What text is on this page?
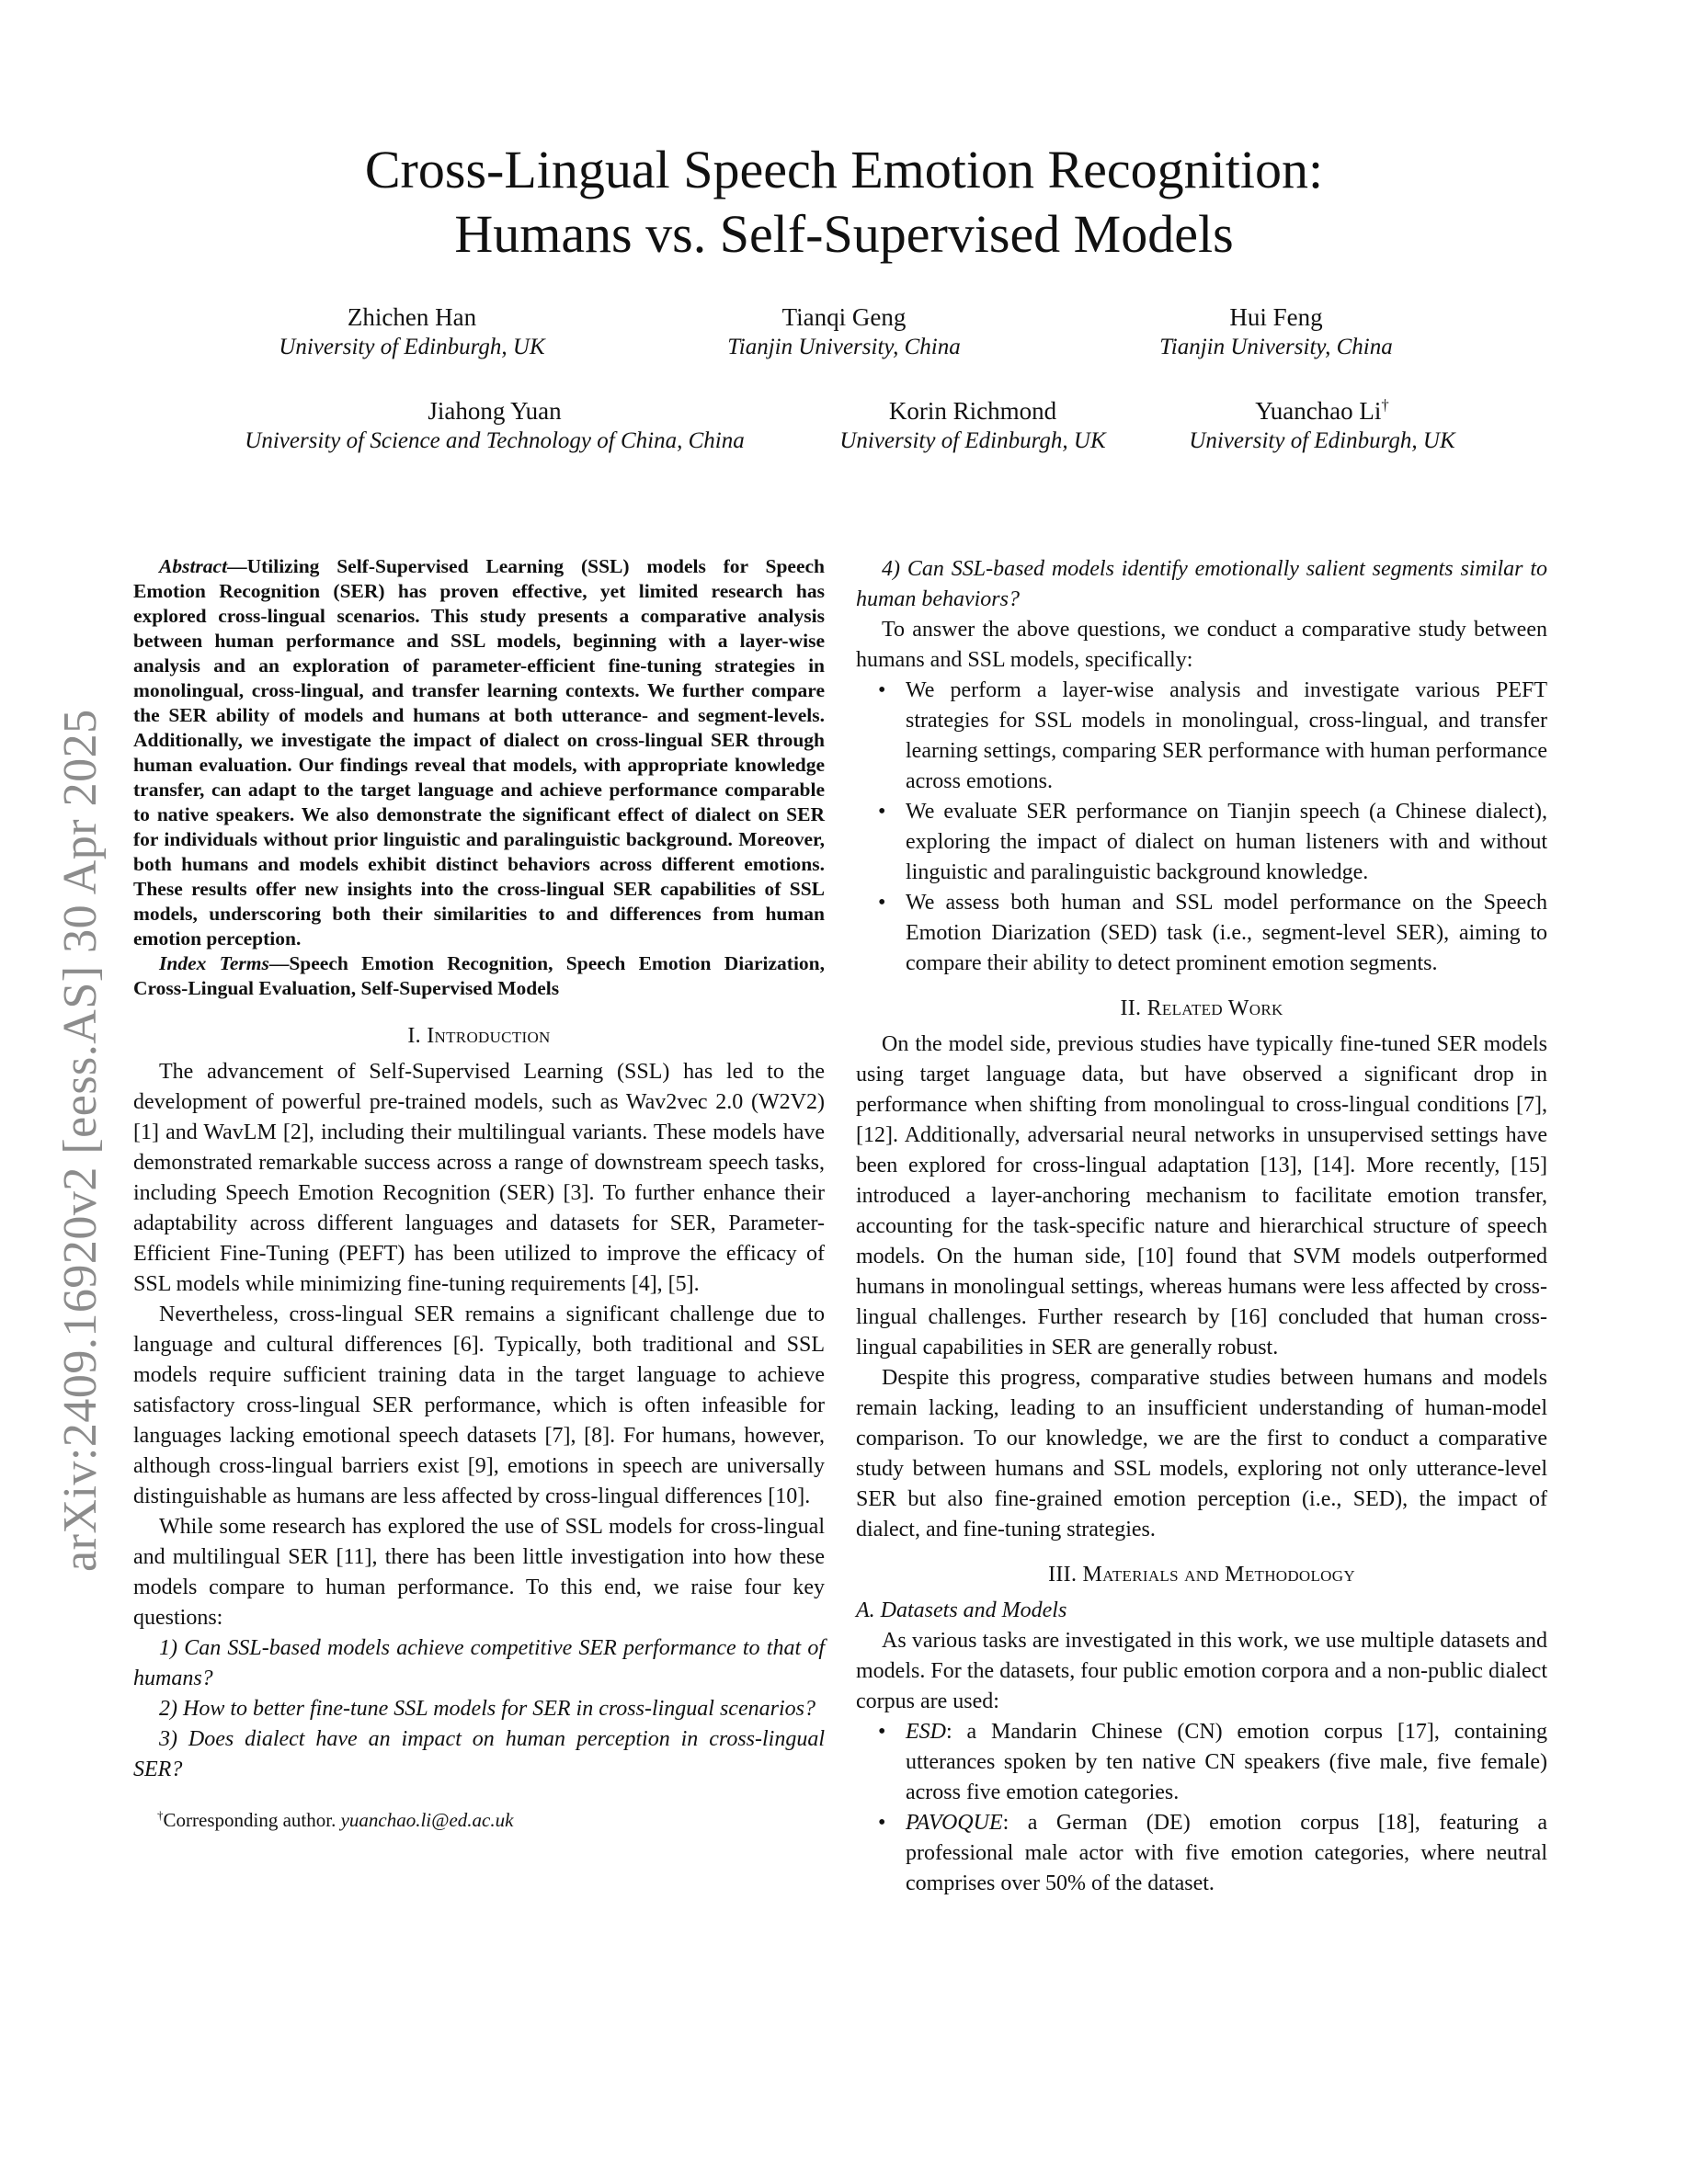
arXiv:2409.16920v2 [eess.AS] 30 Apr 2025
Cross-Lingual Speech Emotion Recognition:
Humans vs. Self-Supervised Models
Zhichen Han
University of Edinburgh, UK
Tianqi Geng
Tianjin University, China
Hui Feng
Tianjin University, China
Jiahong Yuan
University of Science and Technology of China, China
Korin Richmond
University of Edinburgh, UK
Yuanchao Li†
University of Edinburgh, UK

Abstract—Utilizing Self-Supervised Learning (SSL) models for Speech Emotion Recognition (SER) has proven effective, yet limited research has explored cross-lingual scenarios. This study presents a comparative analysis between human performance and SSL models, beginning with a layer-wise analysis and an exploration of parameter-efficient fine-tuning strategies in monolingual, cross-lingual, and transfer learning contexts. We further compare the SER ability of models and humans at both utterance- and segment-levels. Additionally, we investigate the impact of dialect on cross-lingual SER through human evaluation. Our findings reveal that models, with appropriate knowledge transfer, can adapt to the target language and achieve performance comparable to native speakers. We also demonstrate the significant effect of dialect on SER for individuals without prior linguistic and paralinguistic background. Moreover, both humans and models exhibit distinct behaviors across different emotions. These results offer new insights into the cross-lingual SER capabilities of SSL models, underscoring both their similarities to and differences from human emotion perception.

Index Terms—Speech Emotion Recognition, Speech Emotion Diarization, Cross-Lingual Evaluation, Self-Supervised Models

I. Introduction

The advancement of Self-Supervised Learning (SSL) has led to the development of powerful pre-trained models, such as Wav2vec 2.0 (W2V2) [1] and WavLM [2], including their multilingual variants. These models have demonstrated remarkable success across a range of downstream speech tasks, including Speech Emotion Recognition (SER) [3]. To further enhance their adaptability across different languages and datasets for SER, Parameter-Efficient Fine-Tuning (PEFT) has been utilized to improve the efficacy of SSL models while minimizing fine-tuning requirements [4], [5].

Nevertheless, cross-lingual SER remains a significant challenge due to language and cultural differences [6]. Typically, both traditional and SSL models require sufficient training data in the target language to achieve satisfactory cross-lingual SER performance, which is often infeasible for languages lacking emotional speech datasets [7], [8]. For humans, however, although cross-lingual barriers exist [9], emotions in speech are universally distinguishable as humans are less affected by cross-lingual differences [10].

While some research has explored the use of SSL models for cross-lingual and multilingual SER [11], there has been little investigation into how these models compare to human performance. To this end, we raise four key questions:

1) Can SSL-based models achieve competitive SER performance to that of humans?

2) How to better fine-tune SSL models for SER in cross-lingual scenarios?

3) Does dialect have an impact on human perception in cross-lingual SER?

†Corresponding author. yuanchao.li@ed.ac.uk

4) Can SSL-based models identify emotionally salient segments similar to human behaviors?

To answer the above questions, we conduct a comparative study between humans and SSL models, specifically:

• We perform a layer-wise analysis and investigate various PEFT strategies for SSL models in monolingual, cross-lingual, and transfer learning settings, comparing SER performance with human performance across emotions.
• We evaluate SER performance on Tianjin speech (a Chinese dialect), exploring the impact of dialect on human listeners with and without linguistic and paralinguistic background knowledge.
• We assess both human and SSL model performance on the Speech Emotion Diarization (SED) task (i.e., segment-level SER), aiming to compare their ability to detect prominent emotion segments.
II. Related Work

On the model side, previous studies have typically fine-tuned SER models using target language data, but have observed a significant drop in performance when shifting from monolingual to cross-lingual conditions [7], [12]. Additionally, adversarial neural networks in unsupervised settings have been explored for cross-lingual adaptation [13], [14]. More recently, [15] introduced a layer-anchoring mechanism to facilitate emotion transfer, accounting for the task-specific nature and hierarchical structure of speech models. On the human side, [10] found that SVM models outperformed humans in monolingual settings, whereas humans were less affected by cross-lingual challenges. Further research by [16] concluded that human cross-lingual capabilities in SER are generally robust.

Despite this progress, comparative studies between humans and models remain lacking, leading to an insufficient understanding of human-model comparison. To our knowledge, we are the first to conduct a comparative study between humans and SSL models, exploring not only utterance-level SER but also fine-grained emotion perception (i.e., SED), the impact of dialect, and fine-tuning strategies.

III. Materials and Methodology

A. Datasets and Models

As various tasks are investigated in this work, we use multiple datasets and models. For the datasets, four public emotion corpora and a non-public dialect corpus are used:

• ESD: a Mandarin Chinese (CN) emotion corpus [17], containing utterances spoken by ten native CN speakers (five male, five female) across five emotion categories.
• PAVOQUE: a German (DE) emotion corpus [18], featuring a professional male actor with five emotion categories, where neutral comprises over 50% of the dataset.
